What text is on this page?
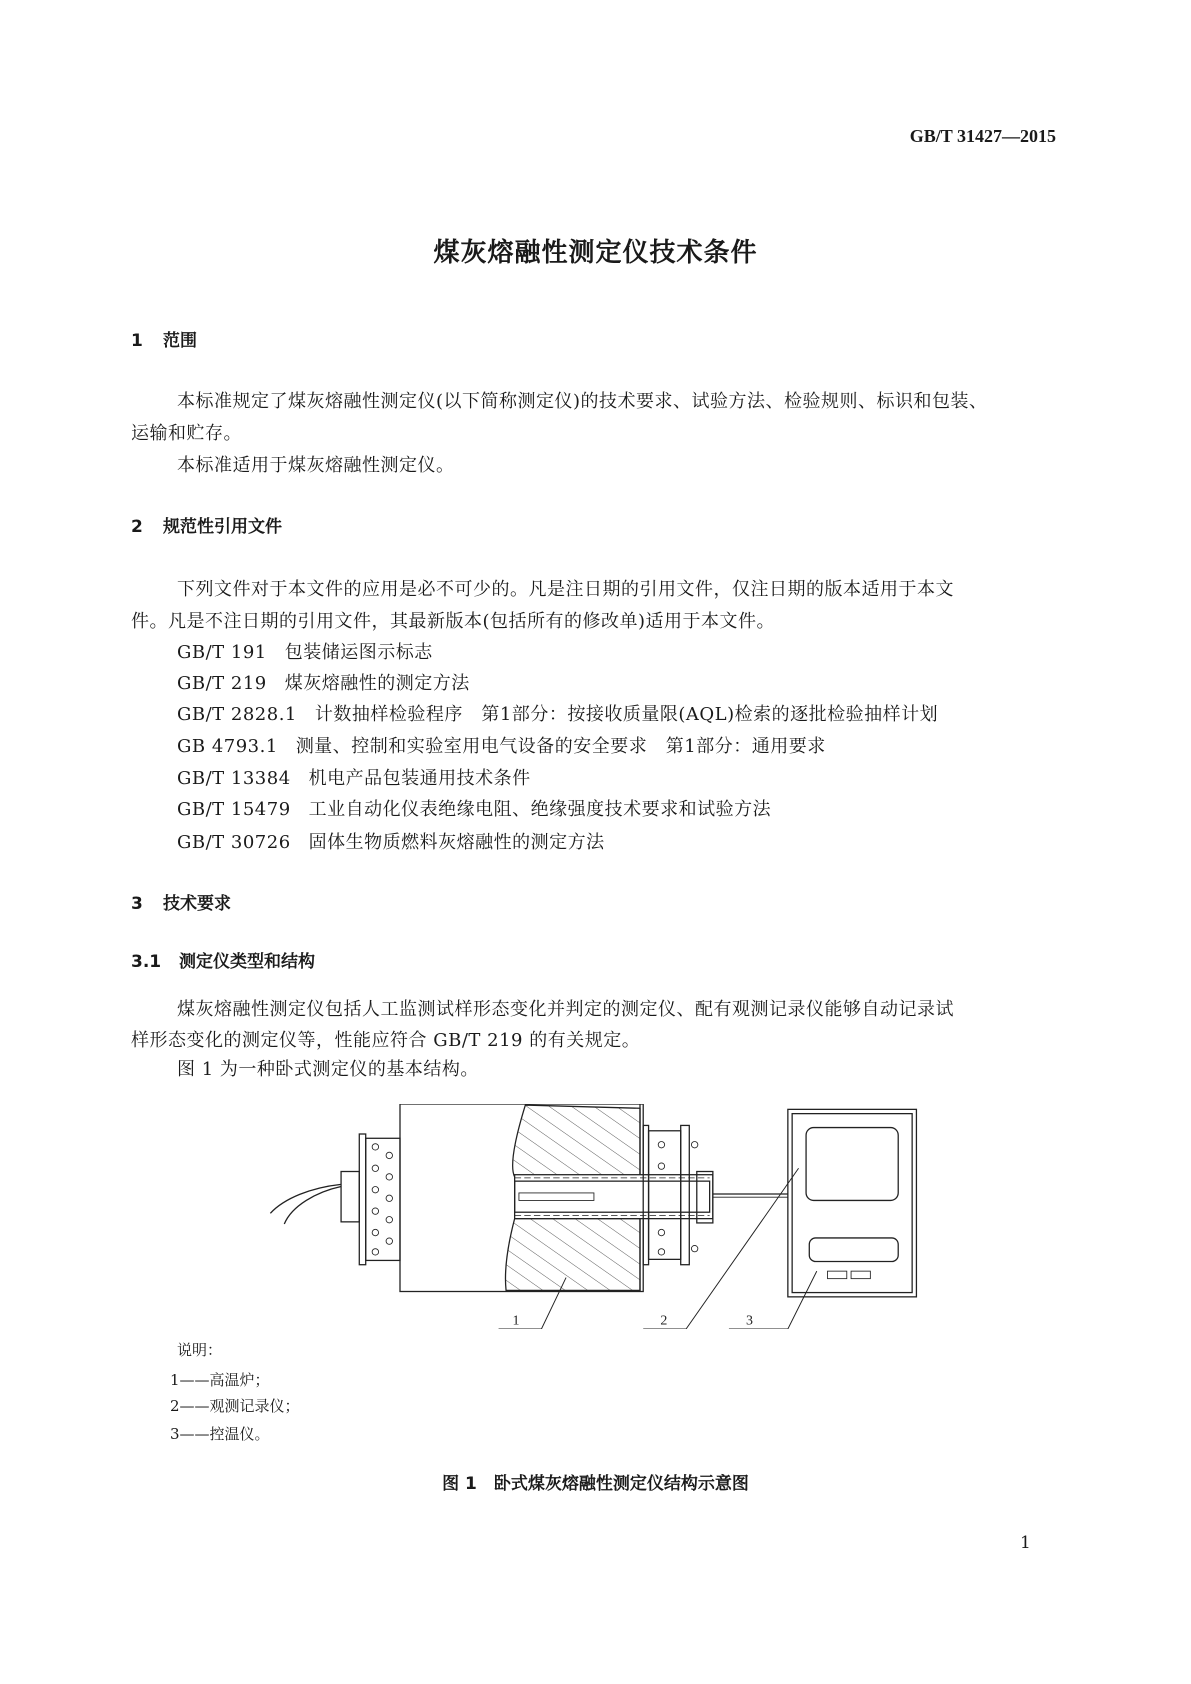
GB/T 31427—2015
煤灰熔融性测定仪技术条件
1 范围
本标准规定了煤灰熔融性测定仪(以下简称测定仪)的技术要求、试验方法、检验规则、标识和包装、
运输和贮存。
本标准适用于煤灰熔融性测定仪。
2 规范性引用文件
下列文件对于本文件的应用是必不可少的。凡是注日期的引用文件，仅注日期的版本适用于本文
件。凡是不注日期的引用文件，其最新版本(包括所有的修改单)适用于本文件。
GB/T 191 包装储运图示标志
GB/T 219 煤灰熔融性的测定方法
GB/T 2828.1 计数抽样检验程序　第1部分：按接收质量限(AQL)检索的逐批检验抽样计划
GB 4793.1 测量、控制和实验室用电气设备的安全要求　第1部分：通用要求
GB/T 13384 机电产品包装通用技术条件
GB/T 15479 工业自动化仪表绝缘电阻、绝缘强度技术要求和试验方法
GB/T 30726 固体生物质燃料灰熔融性的测定方法
3 技术要求
3.1 测定仪类型和结构
煤灰熔融性测定仪包括人工监测试样形态变化并判定的测定仪、配有观测记录仪能够自动记录试
样形态变化的测定仪等，性能应符合 GB/T 219 的有关规定。
图 1 为一种卧式测定仪的基本结构。
1	2	3
说明：
1——高温炉；
2——观测记录仪；
3——控温仪。
图 1　卧式煤灰熔融性测定仪结构示意图
1
